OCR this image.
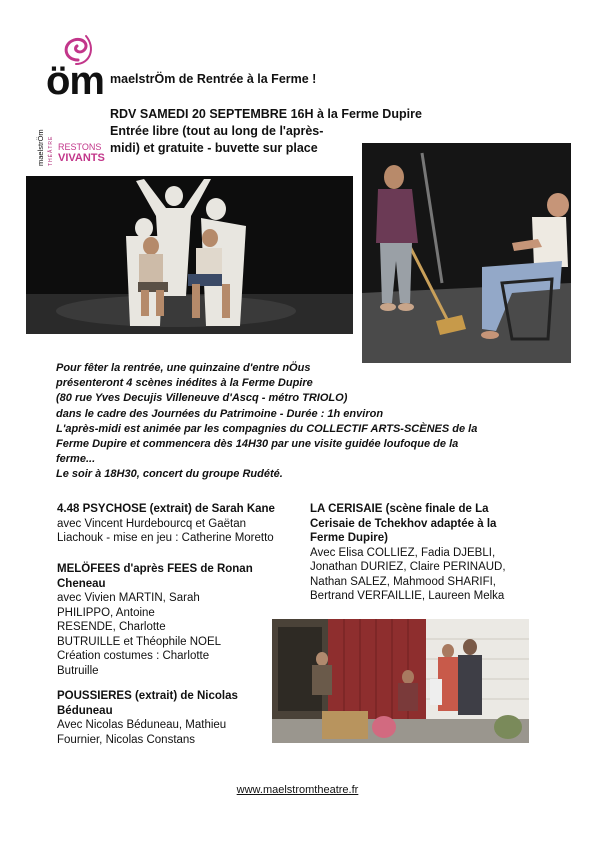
öm
maelstrÖm THÉÂTRE RESTONS
VIVANTS
maelstrÖm de Rentrée à la Ferme !
RDV SAMEDI 20 SEPTEMBRE 16H à la Ferme Dupire
Entrée libre (tout au long de l'après-
midi) et gratuite - buvette sur place

Pour fêter la rentrée, une quinzaine d'entre nÖus

présenteront 4 scènes inédites à la Ferme Dupire

(80 rue Yves Decujis Villeneuve d'Ascq - métro TRIOLO)

dans le cadre des Journées du Patrimoine - Durée : 1h environ

L'après-midi est animée par les compagnies du COLLECTIF ARTS-SCÈNES de la

Ferme Dupire et commencera dès 14H30 par une visite guidée loufoque de la

ferme...

Le soir à 18H30, concert du groupe Rudété.

4.48 PSYCHOSE (extrait) de Sarah Kane
avec Vincent Hurdebourcq et Gaëtan
Liachouk - mise en jeu : Catherine Moretto
MELÖFEES d'après FEES de Ronan
Cheneau
avec Vivien MARTIN, Sarah
PHILIPPO, Antoine
RESENDE, Charlotte
BUTRUILLE et Théophile NOEL
Création costumes : Charlotte
Butruille
POUSSIERES (extrait) de Nicolas
Béduneau
Avec Nicolas Béduneau, Mathieu
Fournier, Nicolas Constans
LA CERISAIE (scène finale de La
Cerisaie de Tchekhov adaptée à la
Ferme Dupire)
Avec Elisa COLLIEZ, Fadia DJEBLI,
Jonathan DURIEZ, Claire PERINAUD,
Nathan SALEZ, Mahmood SHARIFI,
Bertrand VERFAILLIE, Laureen Melka
www.maelstromtheatre.fr
